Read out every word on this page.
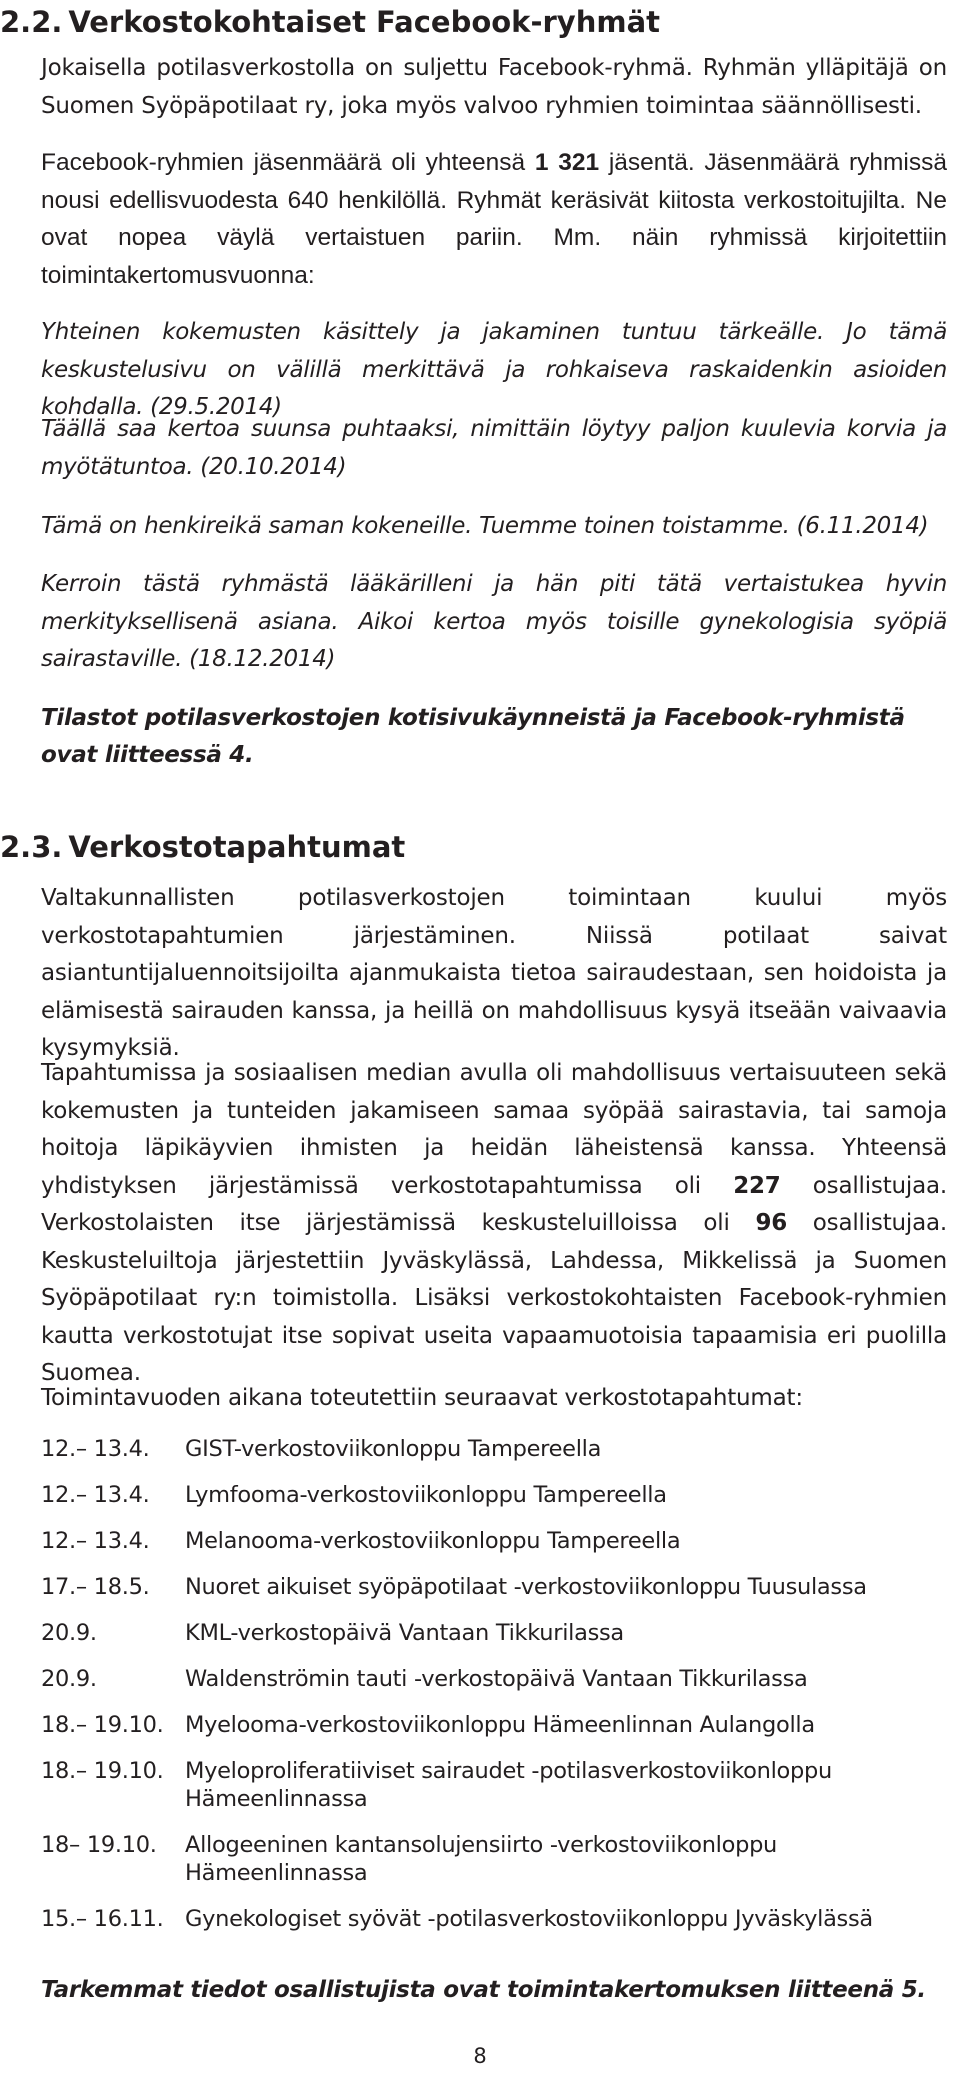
2.2. Verkostokohtaiset Facebook-ryhmät

Jokaisella potilasverkostolla on suljettu Facebook-ryhmä. Ryhmän ylläpitäjä on Suomen Syöpäpotilaat ry, joka myös valvoo ryhmien toimintaa säännöllisesti.

Facebook-ryhmien jäsenmäärä oli yhteensä 1 321 jäsentä. Jäsenmäärä ryhmissä nousi edellisvuodesta 640 henkilöllä. Ryhmät keräsivät kiitosta verkostoitujilta. Ne ovat nopea väylä vertaistuen pariin. Mm. näin ryhmissä kirjoitettiin toimintakertomusvuonna:

Yhteinen kokemusten käsittely ja jakaminen tuntuu tärkeälle. Jo tämä keskustelusivu on välillä merkittävä ja rohkaiseva raskaidenkin asioiden kohdalla. (29.5.2014)

Täällä saa kertoa suunsa puhtaaksi, nimittäin löytyy paljon kuulevia korvia ja myötätuntoa. (20.10.2014)

Tämä on henkireikä saman kokeneille. Tuemme toinen toistamme. (6.11.2014)

Kerroin tästä ryhmästä lääkärilleni ja hän piti tätä vertaistukea hyvin merkityksellisenä asiana. Aikoi kertoa myös toisille gynekologisia syöpiä sairastaville. (18.12.2014)

Tilastot potilasverkostojen kotisivukäynneistä ja Facebook-ryhmistä ovat liitteessä 4.

2.3. Verkostotapahtumat

Valtakunnallisten potilasverkostojen toimintaan kuului myös verkostotapahtumien järjestäminen. Niissä potilaat saivat asiantuntijaluennoitsijoilta ajanmukaista tietoa sairaudestaan, sen hoidoista ja elämisestä sairauden kanssa, ja heillä on mahdollisuus kysyä itseään vaivaavia kysymyksiä.

Tapahtumissa ja sosiaalisen median avulla oli mahdollisuus vertaisuuteen sekä kokemusten ja tunteiden jakamiseen samaa syöpää sairastavia, tai samoja hoitoja läpikäyvien ihmisten ja heidän läheistensä kanssa. Yhteensä yhdistyksen järjestämissä verkostotapahtumissa oli 227 osallistujaa. Verkostolaisten itse järjestämissä keskusteluilloissa oli 96 osallistujaa. Keskusteluiltoja järjestettiin Jyväskylässä, Lahdessa, Mikkelissä ja Suomen Syöpäpotilaat ry:n toimistolla. Lisäksi verkostokohtaisten Facebook-ryhmien kautta verkostotujat itse sopivat useita vapaamuotoisia tapaamisia eri puolilla Suomea.

Toimintavuoden aikana toteutettiin seuraavat verkostotapahtumat:

12.– 13.4.	GIST-verkostoviikonloppu Tampereella
12.– 13.4.	Lymfooma-verkostoviikonloppu Tampereella
12.– 13.4.	Melanooma-verkostoviikonloppu Tampereella
17.– 18.5.	Nuoret aikuiset syöpäpotilaat -verkostoviikonloppu Tuusulassa
20.9.	KML-verkostopäivä Vantaan Tikkurilassa
20.9.	Waldenströmin tauti -verkostopäivä Vantaan Tikkurilassa
18.– 19.10. Myelooma-verkostoviikonloppu Hämeenlinnan Aulangolla
18.– 19.10. Myeloproliferatiiviset sairaudet -potilasverkostoviikonloppu Hämeenlinnassa
18– 19.10.	Allogeeninen kantansolujensiirto -verkostoviikonloppu Hämeenlinnassa
15.– 16.11. Gynekologiset syövät -potilasverkostoviikonloppu Jyväskylässä

Tarkemmat tiedot osallistujista ovat toimintakertomuksen liitteenä 5.

8
